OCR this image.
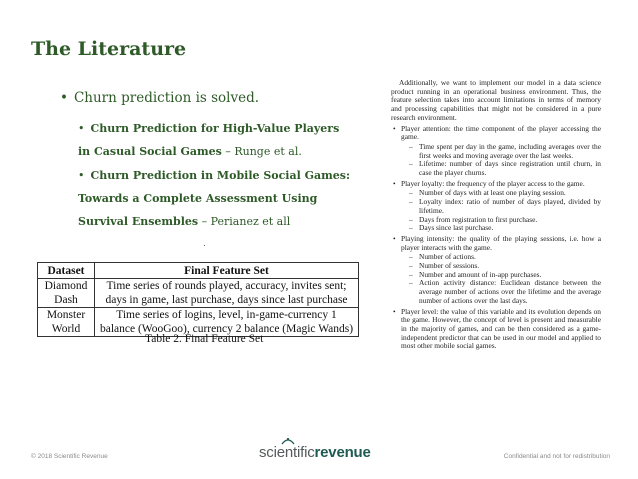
The Literature
• Churn prediction is solved.
• Churn Prediction for High-Value Players in Casual Social Games – Runge et al.
• Churn Prediction in Mobile Social Games: Towards a Complete Assessment Using Survival Ensembles – Perianez et all
.
Dataset	Final Feature Set
Diamond Dash	Time series of rounds played, accuracy, invites sent; days in game, last purchase, days since last purchase
Monster World	Time series of logins, level, in-game-currency 1 balance (WooGoo), currency 2 balance (Magic Wands)
Table 2. Final Feature Set

Additionally, we want to implement our model in a data science product running in an operational business environment. Thus, the feature selection takes into account limitations in terms of memory and processing capabilities that might not be considered in a pure research environment.

• Player attention: the time component of the player accessing the game.
– Time spent per day in the game, including averages over the first weeks and moving average over the last weeks.
– Lifetime: number of days since registration until churn, in case the player churns.
• Player loyalty: the frequency of the player access to the game.
– Number of days with at least one playing session.
– Loyalty index: ratio of number of days played, divided by lifetime.
– Days from registration to first purchase.
– Days since last purchase.
• Playing intensity: the quality of the playing sessions, i.e. how a player interacts with the game.
– Number of actions.
– Number of sessions.
– Number and amount of in-app purchases.
– Action activity distance: Euclidean distance between the average number of actions over the lifetime and the average number of actions over the last days.
• Player level: the value of this variable and its evolution depends on the game. However, the concept of level is present and measurable in the majority of games, and can be then considered as a game-independent predictor that can be used in our model and applied to most other mobile social games.
© 2018 Scientific Revenue	scientificrevenue	Confidential and not for redistribution
